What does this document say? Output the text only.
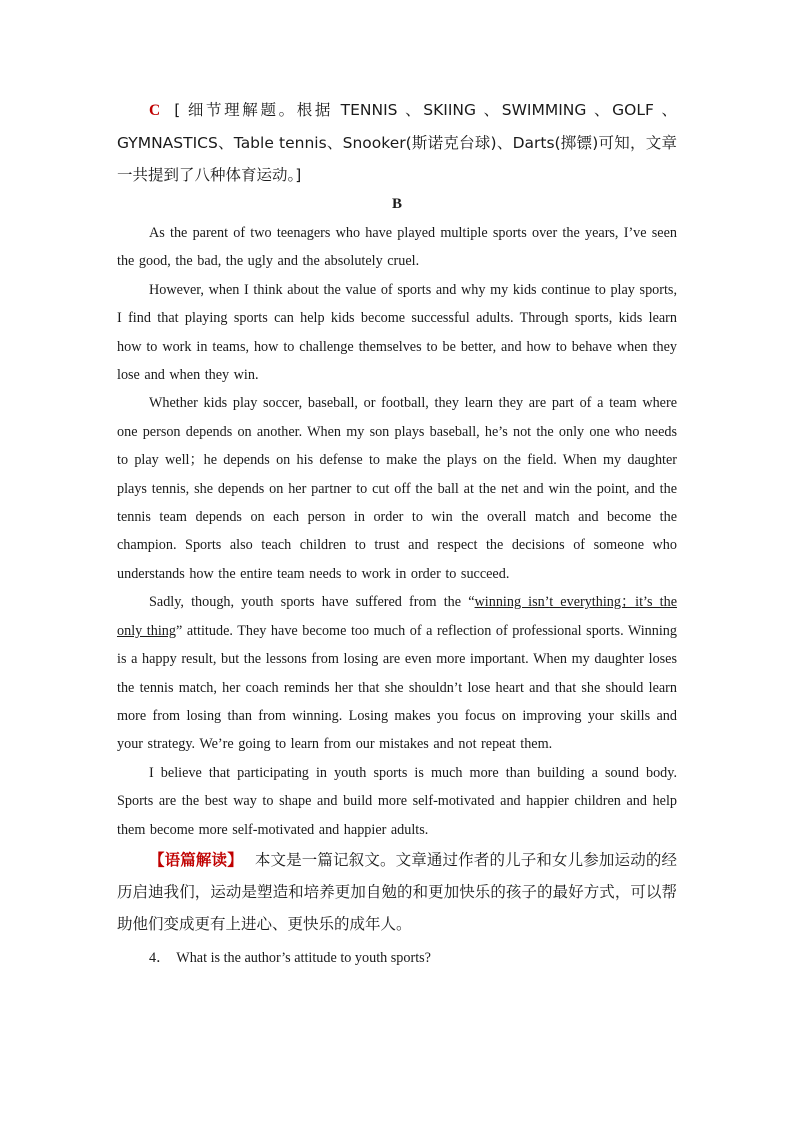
C [ 细节理解题。根据 TENNIS 、SKIING 、SWIMMING 、GOLF 、GYMNASTICS、Table tennis、Snooker(斯诺克台球)、Darts(掷镖)可知，文章一共提到了八种体育运动。]

B

As the parent of two teenagers who have played multiple sports over the years, I’ve seen the good, the bad, the ugly and the absolutely cruel.

However, when I think about the value of sports and why my kids continue to play sports, I find that playing sports can help kids become successful adults. Through sports, kids learn how to work in teams, how to challenge themselves to be better, and how to behave when they lose and when they win.

Whether kids play soccer, baseball, or football, they learn they are part of a team where one person depends on another. When my son plays baseball, he’s not the only one who needs to play well；he depends on his defense to make the plays on the field. When my daughter plays tennis, she depends on her partner to cut off the ball at the net and win the point, and the tennis team depends on each person in order to win the overall match and become the champion. Sports also teach children to trust and respect the decisions of someone who understands how the entire team needs to work in order to succeed.

Sadly, though, youth sports have suffered from the “winning isn’t everything；it’s the only thing” attitude. They have become too much of a reflection of professional sports. Winning is a happy result, but the lessons from losing are even more important. When my daughter loses the tennis match, her coach reminds her that she shouldn’t lose heart and that she should learn more from losing than from winning. Losing makes you focus on improving your skills and your strategy. We’re going to learn from our mistakes and not repeat them.

I believe that participating in youth sports is much more than building a sound body. Sports are the best way to shape and build more self-motivated and happier children and help them become more self-motivated and happier adults.

【语篇解读】 本文是一篇记叙文。文章通过作者的儿子和女儿参加运动的经历启迪我们，运动是塑造和培养更加自勉的和更加快乐的孩子的最好方式，可以帮助他们变成更有上进心、更快乐的成年人。

4． What is the author’s attitude to youth sports?
